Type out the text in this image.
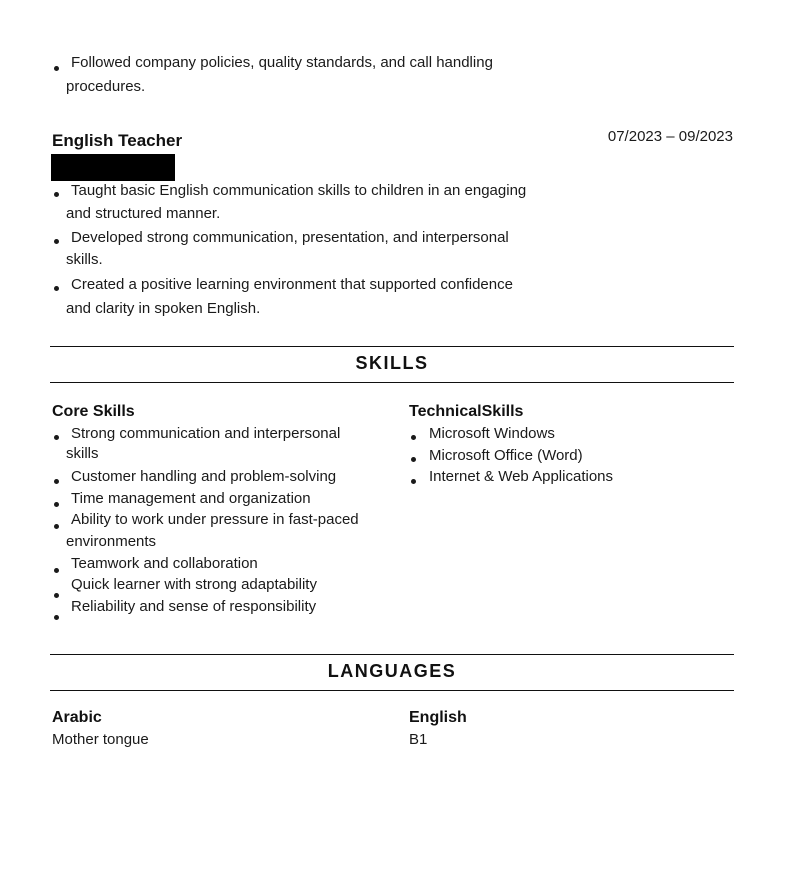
Followed company policies, quality standards, and call handling
procedures.
English Teacher	07/2023 – 09/2023
Taught basic English communication skills to children in an engaging
and structured manner.
Developed strong communication, presentation, and interpersonal
skills.
Created a positive learning environment that supported confidence
and clarity in spoken English.
SKILLS
Core Skills	TechnicalSkills
Strong communication and interpersonal
skills
Customer handling and problem-solving
Time management and organization
Ability to work under pressure in fast-paced
environments
Teamwork and collaboration
Quick learner with strong adaptability
Reliability and sense of responsibility
Microsoft Windows
Microsoft Office (Word)
Internet & Web Applications
LANGUAGES
Arabic
Mother tongue
English
B1
